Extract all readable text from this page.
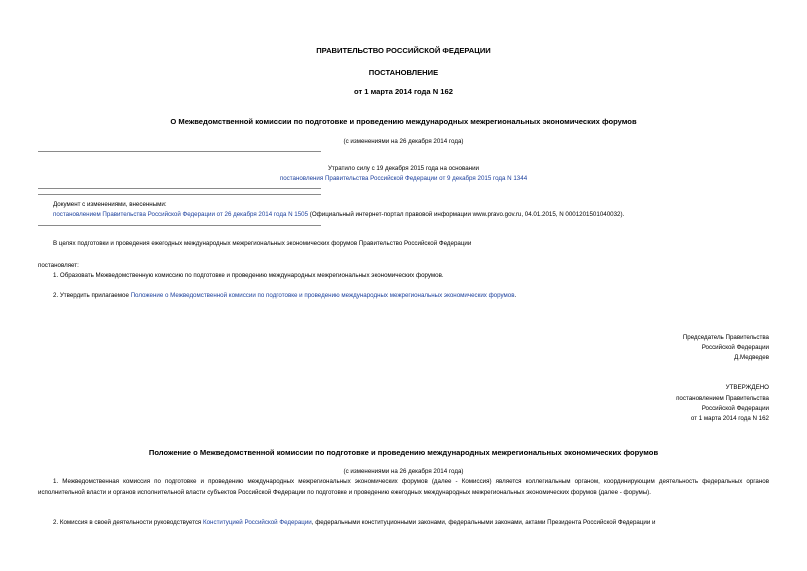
ПРАВИТЕЛЬСТВО РОССИЙСКОЙ ФЕДЕРАЦИИ
ПОСТАНОВЛЕНИЕ
от 1 марта 2014 года N 162
О Межведомственной комиссии по подготовке и проведению международных межрегиональных экономических форумов
(с изменениями на 26 декабря 2014 года)
Утратило силу с 19 декабря 2015 года на основании
постановления Правительства Российской Федерации от 9 декабря 2015 года N 1344
Документ с изменениями, внесенными:
постановлением Правительства Российской Федерации от 26 декабря 2014 года N 1505 (Официальный интернет-портал правовой информации www.pravo.gov.ru, 04.01.2015, N 0001201501040032).
В целях подготовки и проведения ежегодных международных межрегиональных экономических форумов Правительство Российской Федерации
постановляет:
1. Образовать Межведомственную комиссию по подготовке и проведению международных межрегиональных экономических форумов.
2. Утвердить прилагаемое Положение о Межведомственной комиссии по подготовке и проведению международных межрегиональных экономических форумов.
Председатель Правительства
Российской Федерации
Д.Медведев
УТВЕРЖДЕНО
постановлением Правительства
Российской Федерации
от 1 марта 2014 года N 162
Положение о Межведомственной комиссии по подготовке и проведению международных межрегиональных экономических форумов
(с изменениями на 26 декабря 2014 года)
1. Межведомственная комиссия по подготовке и проведению международных межрегиональных экономических форумов (далее - Комиссия) является коллегиальным органом, координирующим деятельность федеральных органов исполнительной власти и органов исполнительной власти субъектов Российской Федерации по подготовке и проведению ежегодных международных межрегиональных экономических форумов (далее - форумы).
2. Комиссия в своей деятельности руководствуется Конституцией Российской Федерации, федеральными конституционными законами, федеральными законами, актами Президента Российской Федерации и
